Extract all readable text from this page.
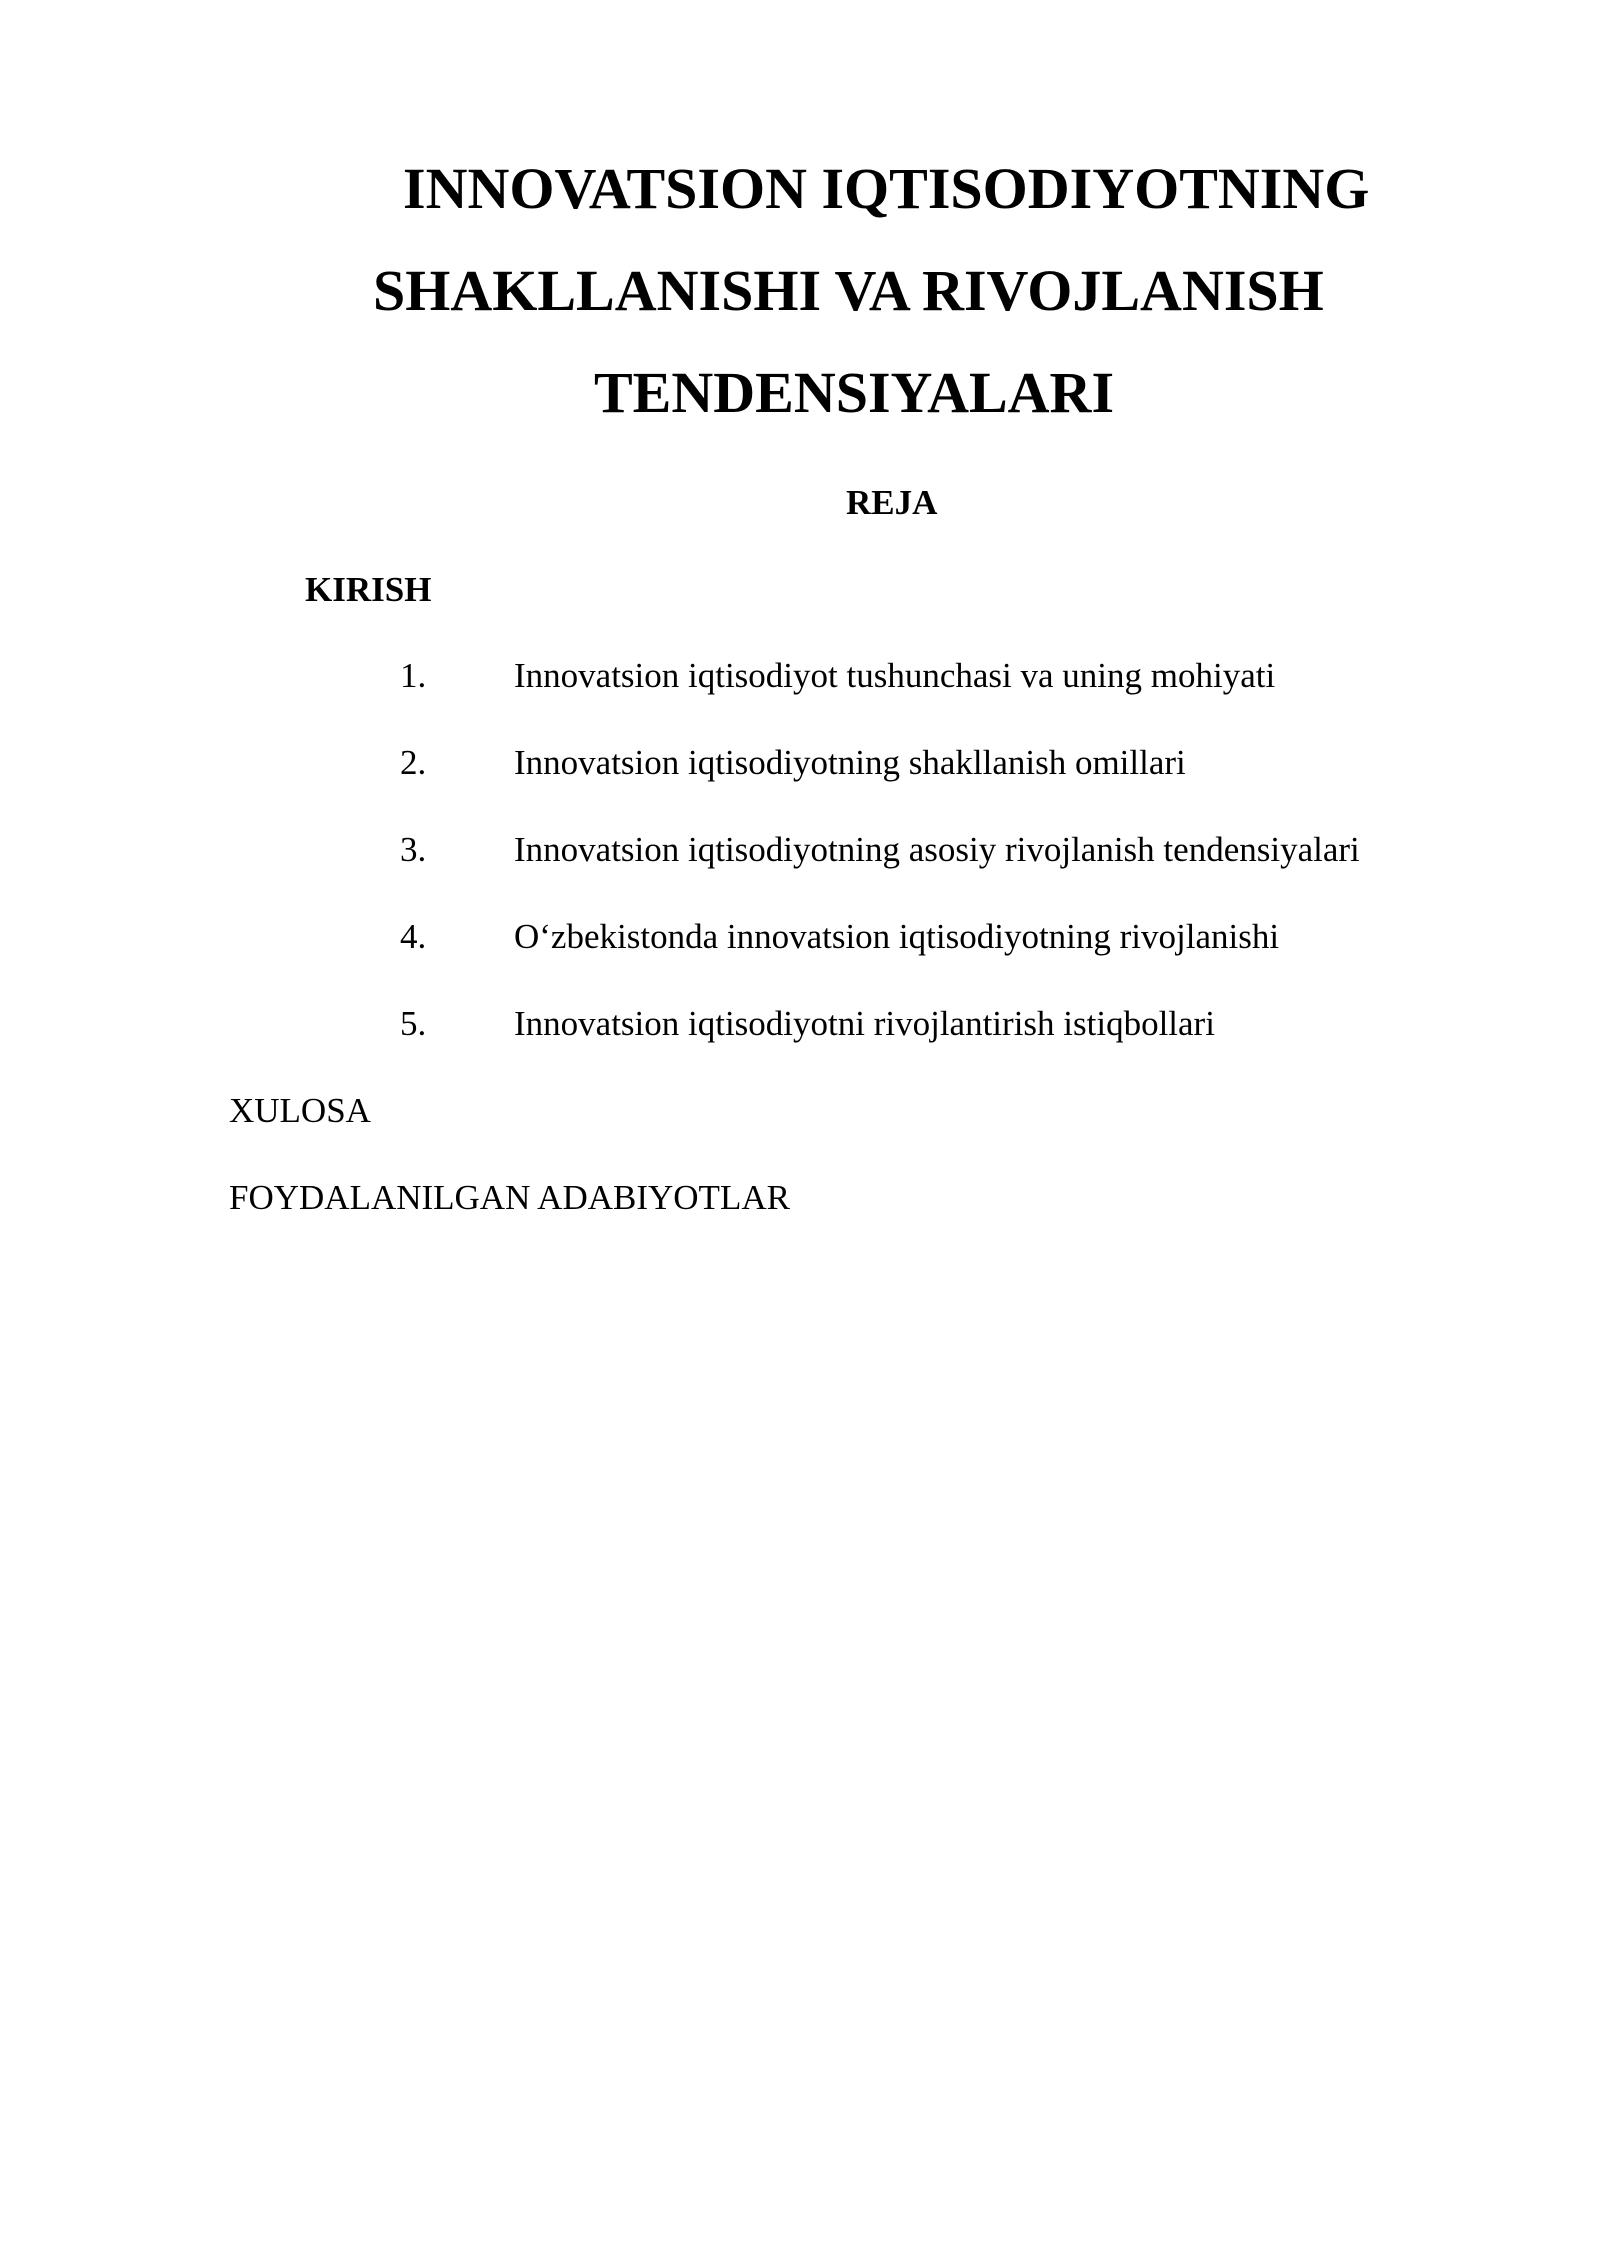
INNOVATSION IQTISODIYOTNING
SHAKLLANISHI VA RIVOJLANISH
TENDENSIYALARI
REJA
KIRISH
1.	Innovatsion iqtisodiyot tushunchasi va uning mohiyati
2.	Innovatsion iqtisodiyotning shakllanish omillari
3.	Innovatsion iqtisodiyotning asosiy rivojlanish tendensiyalari
4.	O‘zbekistonda innovatsion iqtisodiyotning rivojlanishi
5.	Innovatsion iqtisodiyotni rivojlantirish istiqbollari
XULOSA
FOYDALANILGAN ADABIYOTLAR
